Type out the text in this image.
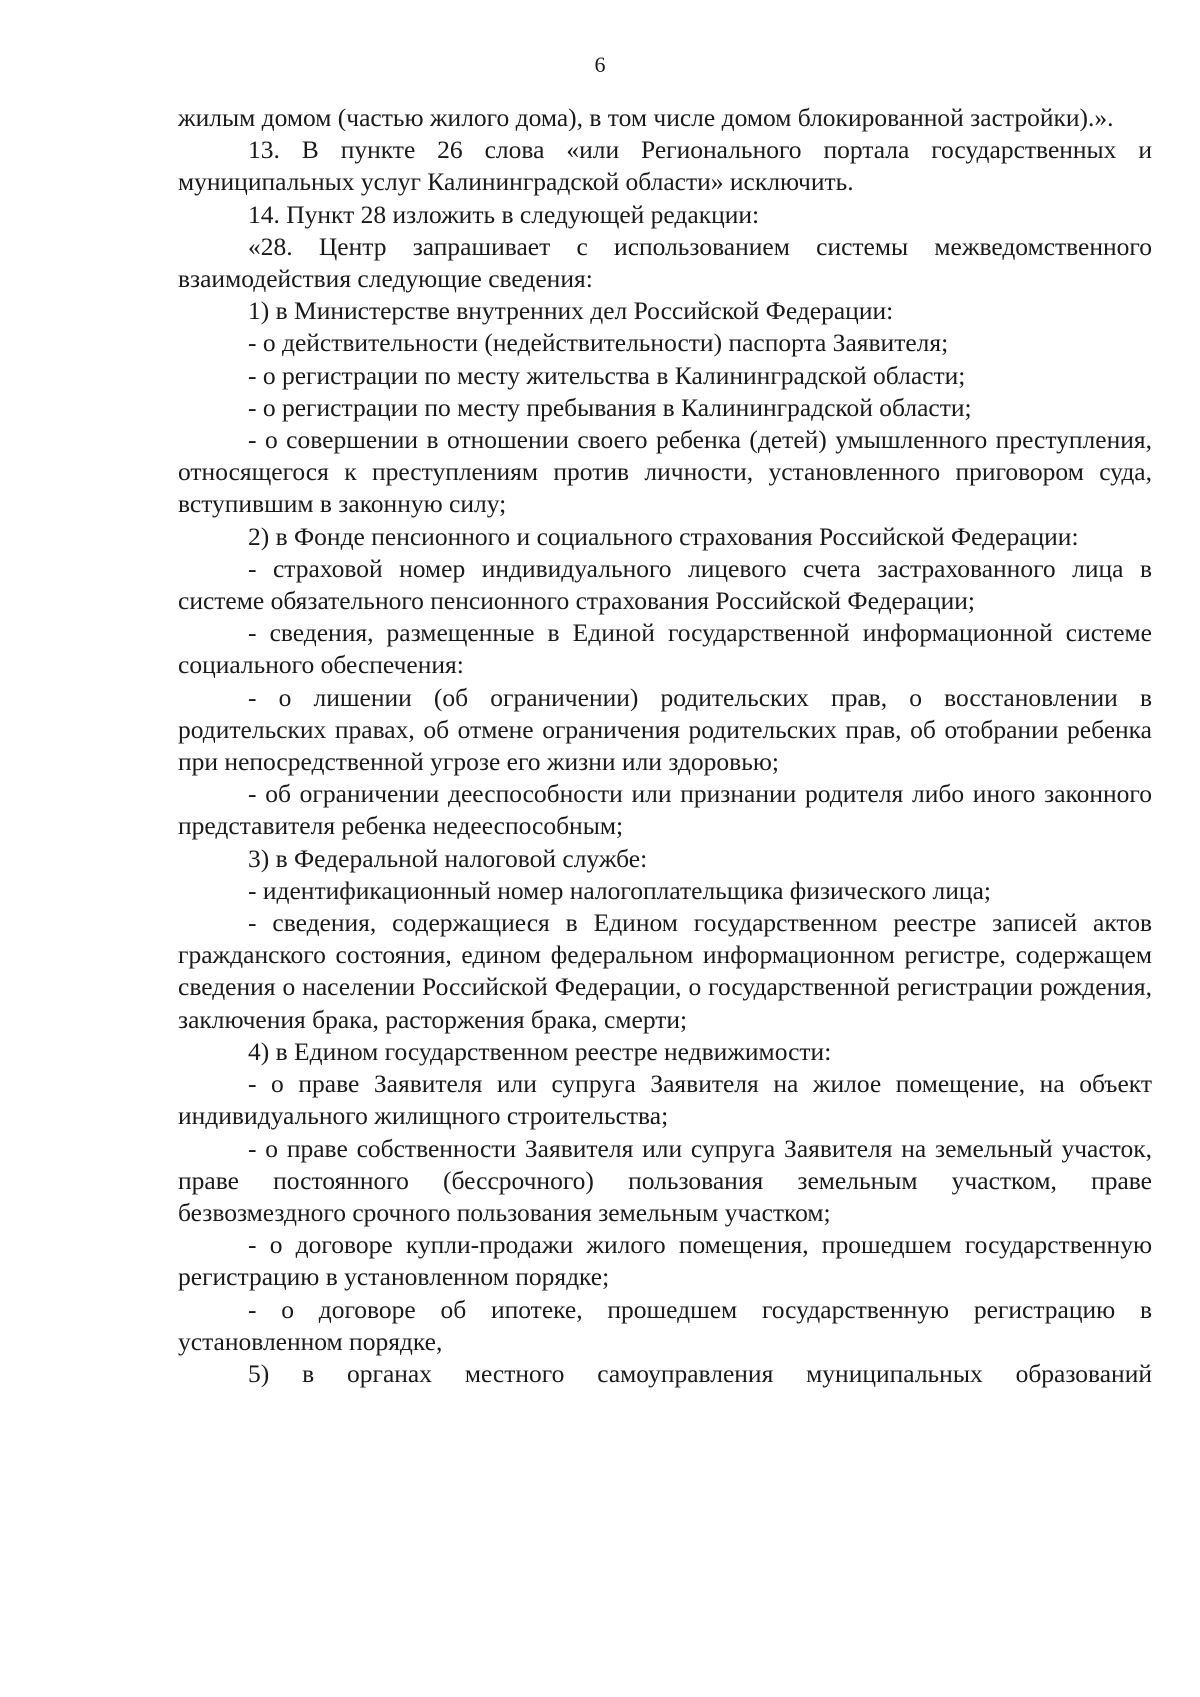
6

жилым домом (частью жилого дома), в том числе домом блокированной застройки).».

13. В пункте 26 слова «или Регионального портала государственных и муниципальных услуг Калининградской области» исключить.

14. Пункт 28 изложить в следующей редакции:

«28. Центр запрашивает с использованием системы межведомственного взаимодействия следующие сведения:

1) в Министерстве внутренних дел Российской Федерации:

- о действительности (недействительности) паспорта Заявителя;

- о регистрации по месту жительства в Калининградской области;

- о регистрации по месту пребывания в Калининградской области;

- о совершении в отношении своего ребенка (детей) умышленного преступления, относящегося к преступлениям против личности, установленного приговором суда, вступившим в законную силу;

2) в Фонде пенсионного и социального страхования Российской Федерации:

- страховой номер индивидуального лицевого счета застрахованного лица в системе обязательного пенсионного страхования Российской Федерации;

- сведения, размещенные в Единой государственной информационной системе социального обеспечения:

- о лишении (об ограничении) родительских прав, о восстановлении в родительских правах, об отмене ограничения родительских прав, об отобрании ребенка при непосредственной угрозе его жизни или здоровью;

- об ограничении дееспособности или признании родителя либо иного законного представителя ребенка недееспособным;

3) в Федеральной налоговой службе:

- идентификационный номер налогоплательщика физического лица;

- сведения, содержащиеся в Едином государственном реестре записей актов гражданского состояния, едином федеральном информационном регистре, содержащем сведения о населении Российской Федерации, о государственной регистрации рождения, заключения брака, расторжения брака, смерти;

4) в Едином государственном реестре недвижимости:

- о праве Заявителя или супруга Заявителя на жилое помещение, на объект индивидуального жилищного строительства;

- о праве собственности Заявителя или супруга Заявителя на земельный участок, праве постоянного (бессрочного) пользования земельным участком, праве безвозмездного срочного пользования земельным участком;

- о договоре купли-продажи жилого помещения, прошедшем государственную регистрацию в установленном порядке;

- о договоре об ипотеке, прошедшем государственную регистрацию в установленном порядке,

5) в органах местного самоуправления муниципальных образований
